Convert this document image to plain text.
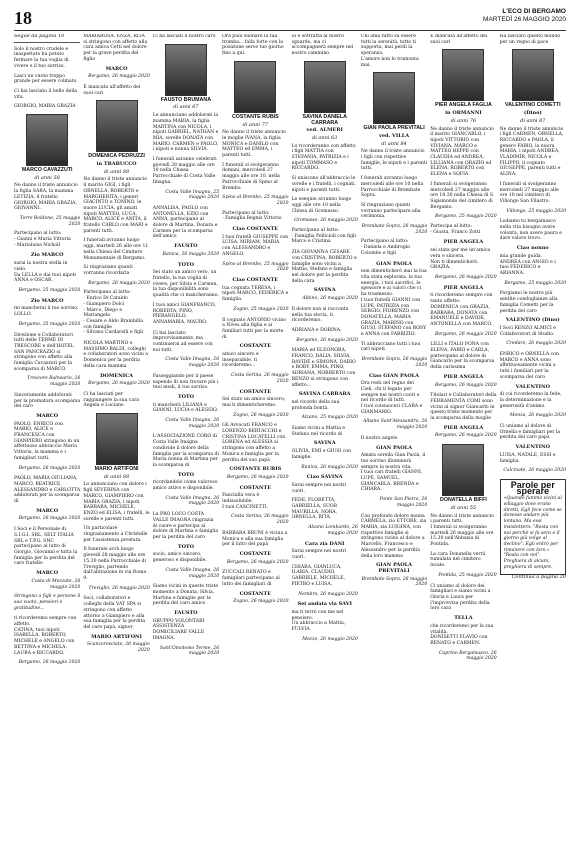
18	L'ECO DI BERGAMO
MARTEDÌ 26 MAGGIO 2020
Segue da pagina 10

Solo il nostro crudele e inaspettato ha potuto fermare la tua voglia di vivere e il tuo sorriso.

Lasci un vuoto troppo grande per essere colmato.

Ci hai lasciato il bello della vita.

GIORGIO, MARIA GRAZIA

MARCO CAVAZZUTI
di anni 58

Ne danno il triste annuncio la figlia SARA, la mamma LETIZIA, il fratello GIORGIO, MARIA GRAZIA, GIOVANNI.

Torre Boldone, 25 maggio 2020

Partecipano al lutto:
- Gianni e Maria Vittoria
- Marialuisa Nicholl

Zio MARCO

sarai la nostra stella in cielo.
Da LELLA e dai tuoi nipoti ANNA e OSCAR.

Bergamo, 25 maggio 2020

Zio MARCO

mi mancherai il tuo sorriso.
LOLLO.

Bergamo, 25 maggio 2020

Direzione e Collaboratori tutti delle TERME DI TRESCORE e dell'HOTEL SAN PANCRAZIO si stringono con affetto alla famiglia Cavazzuti per la scomparsa di MARCO.

Trescore Balneario, 26 maggio 2020

Sinceramente addolorati per la prematura scomparsa del caro

MARCO

PAOLO, ENRICO con MARIO, ALICE e FRANCESCA con GIANPIERO stringono in un affettuoso abbraccio Maria Vittoria, la mamma e i famigliari tutti.

Bergamo, 26 maggio 2020

PAOLO, MARIA GIULIANA, MARCO, BEATRICE, ALESSANDRO e CARLOTTA addolorati per la scomparsa di

MARCO

Bergamo, 26 maggio 2020

I Soci e il Personale di S.I.G.I. SRL, SELT ITALIA SRL e T.P.G. SNC partecipano al lutto di Giorgio, Giovanni e tutta la famiglia per la perdita del caro fratello

MARCO

Costa di Mezzate, 26 maggio 2020

Stringono a figli e persone il suo vuoto, pensieri e gratitudine...

ti ricorderemo sempre con affetto.
CATINA, tuoi nipoti ISABELLA, ROBERTO, MICHELE e ANGELO con BETTINA e MICHELA, LAURA e RICCARDO.

Bergamo, 26 maggio 2020

MARIAROSA, ENZA, RITA si stringono con affetto alla cara amica Cetti nel dolore per la grave perdita del figlio

MARCO

Bergamo, 26 maggio 2020

È mancata all'affetto dei suoi cari

DOMENICA PEDRUZZI
in TRABUCCO
di anni 88

Ne danno il triste annuncio il marito GIGI, i figli ORNELLA, ROBERTO e MARGHERITA, i generi GIACINTO e TONINO, le nuore LUCIA, gli amati nipoti MATTEO, LUCA, MARCO, ALICE e ANITA, il fratello CARLO con MARI e parenti tutti.

I funerali avranno luogo oggi, martedì 26 alle ore 11 nella Chiesa del Cimitero Monumentale di Bergamo.

Si ringraziano quanti vorranno ricordarla

Bergamo, 26 maggio 2020

Partecipano al lutto:
- Enrico Di Cataldo
- Giampiero Dolci
- Marco, Diego e Mariangela
- Cesare e Aldo Brambilla con famiglie
- Silvano Cardarelli e figli

NICOLA MARTINO e MASSIMO BALDI, colleghi e collaboratori sono vicini a Domenica per la perdita della cara mamma

DOMENICA

Bergamo, 26 maggio 2020

Ci ha lasciati per raggiungere la sua cara Angela e Luciano

MARIO ARTIFONI
di anni 88

Lo annunciano con dolore i figli SEVERINA con MARCO, GIAMPIERO con MARIA GRAZIA, i nipoti BARBARA, MICHELE, ENZO ed ELISA, i fratelli, le sorelle e parenti tutti.

Un particolare ringraziamento a Christelle per l'assistenza prestata.

Il funerale avrà luogo giovedì 28 maggio alle ore 15.30 nella Parrocchiale di Treviglio, partendo dall'abitazione in via Roma 9.

Treviglio, 26 maggio 2020

Soci, collaboratori e colleghi della VAT SPA si stringono con affetto attorno a Giampiero e alla sua famiglia per la perdita del caro papà, signor

MARIO ARTIFONI

Scanzorosciate, 26 maggio 2020

Ci ha lasciati il nostro caro

FAUSTO BRUMANA
di anni 67

Le annunciano addolorati la mamma MARIA, la figlia MARTINA con NICOLA, i nipoti GABRIEL, NATHAN e MIA, sorelle DONATA con MARIO, CARMEN e PAOLO, i nipoti e nonna SILVIA.

I funerali saranno celebrati giovedì 28 maggio alle ore 10 nella Chiesa Parrocchiale di Costa Valle Imagna.

Costa Valle Imagna, 25 maggio 2020

ANNALISA, PAOLO con ANTONELLA, EZIO con ANNA, partecipano al dolore di Martina, Donata e Carmen per la scomparsa dell'amico

FAUSTO

Ranica, 26 maggio 2020

TOTO

Sei stato un amico vero, un fratello, la tua voglia di vivere, per Silvia e Carmen, la tua disponibilità sono qualità che ci mancheranno.

I tuoi amici GIANFRANCO, ROBERTA, PINO, PIERANGELO, ANNAMARIA, MAURO.

Ci hai lasciato improvvisamente, ma continuerai ad essere con noi tutti.

Costa Valle Imagna, 26 maggio 2020

Passeggiando per il paese sapendo di non trovare più i tuoi modi, il tuo sorriso.

TOTO

ti mancherà LILIANA e GIANNI, LUCIA e ALESSIO.

Costa Valle Imagna, 26 maggio 2020

L'ASSOCIAZIONE CORO di Costa Valle Imagna condivide il dolore della famiglia per la scomparsa di Maria nonna di Martina per la scomparsa di

TOTO

ricordandolo come valoroso amico attivo e disponibile.

Costa Valle Imagna, 26 maggio 2020

La PRO LOCO COSTA VALLE IMAGNA ringrazia di cuore e partecipa al dolore di Martina e famiglia per la perdita del caro

TOTO

socio, amico sincero, generoso e disponibile.

Costa Valle Imagna, 26 maggio 2020

Siamo vicini in questo triste momento a Donata, Silvia, Martina e famiglie per la perdita del caro amico

FAUSTO

GRUPPO VOLONTARI ASSISTENZA DOMICILIARE VALLE IMAGNA.

Sant'Omobono Terme, 26 maggio 2020

Ora puoi suonare la tua tromba... falla forte con la posizione serve tuo giorno fino a qui.

COSTANTE RUBIS
di anni 77

Ne danno il triste annuncio le moglie IVANA, la figlia MONICA e DANILO con MATTEO ed EMMA, i parenti tutti.

I funerali si svolgeranno domani, mercoledì 27 maggio alle ore 10, nella Parrocchiale di Spino al Brembo.

Spino al Brembo, 25 maggio 2020

Partecipano al lutto:
- Famiglia Begnis Vittorio

Ciao COSTANTE

I tuoi fratelli GIUSEPPE con LUISA, MIRIAM, MARIA con ALESSANDRO e ANGELO.

Spino al Brembo, 25 maggio 2020

Ciao COSTANTE

tua cognata TERESA, i nipoti MARCO, FEDERICA e famiglia.

Zogno, 25 maggio 2020

Il cognato ANTONIO vicino a Nives alla figlia e ai familiari tutti per la morte di

COSTANTE

amico sincero e inseparabile, ti ricorderemo...

Costa Serina, 26 maggio 2020

COSTANTE

Sei stato un amico sincero; mai ti dimenticheremo.

Zogno, 26 maggio 2020

Gli Avvocati FRANCO e LORENZO BERTACCHI e CRISTINA LOCATELLI con LORENA ed ALESSIA si stringono con affetto a Monica e famiglia per la perdita del suo papà

COSTANTE RUBIS

Bergamo, 26 maggio 2020

COSTANTE

Fanciulla vera è indissolubile.
I tuoi CASCINETTI.

Costa Serina, 26 maggio 2020

BARBARA BRUNI è vicina a Monica e alla sua famiglia per il lutto del papà

COSTANTE

Bergamo, 26 maggio 2020

ZUCCALI RENATO e famigliari partecipano al lutto dei famigliari di

COSTANTE

Zogno, 26 maggio 2020

Si è sottratta al nostro sguardo, ma ci accompagnerà sempre nel nostro cammino.

SAVINA DANIELA CARRARA
ved. ALMERI
di anni 63

Lo ricorderanno con affetto i figli MATTIA con STEFANIA, PATRIZIA e i nipoti TOMMASO e RICCARDO.

Si uniscono all'abbraccio le sorelle e i fratelli, i cognati, nipoti e parenti tutti.

Le esequie avranno luogo oggi alle ore 10 nella Chiesa di Gromasso.

Gromasso, 26 maggio 2020

Partecipano al lutto:
- Famiglia Pellicioli con figli Marco e Cristina

ZIA GIOVANNA CESARE con CRISTINA, ROBERTO e famiglie sono vicini a Mattia, Stefano e famiglia nel dolore per la perdita della cara

SAVINA

Albino, 26 maggio 2020

Il dolore non si racconta nella tua storia, ti ricorderemo.

ADRIANA e DORINA.

Bergamo, 26 maggio 2020

MARIA ed ELEONORA, FRANCO, DALIA, SILVIA, DAVIDE e SIMONA, DARIO e ROBY, EMMA, PINO, ADRIANA, NORBERTO con RENZO si stringono con affetto...

SAVINA CARRARA

nel ricordo della sua profonda bontà.

Alzano, 25 maggio 2020

Siamo vicini a Mattia e Stefano nel ricordo di

SAVINA

OLIVIA, EMI e GIUSI con famiglie.

Ranica, 26 maggio 2020

Ciao SAVINA

Sarai sempre nei nostri cuori.

FEDE, FLORETTA, GABRIELLA, SUOR MAURILLA, NORA, ORNELLA, RITA.

Alzano Lombardo, 26 maggio 2020

Cara zia DANI

Sarai sempre nei nostri cuori.

CHIARA, GIANLUCA, ILARIA, CLAUDIO, GABRIELE, MICHELE, PIETRO e LUISA.

Nembro, 26 maggio 2020

Sei andata via SAVI

ma ti terrò con me nel pensiero.
Un abbraccio a Mattia, FULVIA.

Mozzo, 26 maggio 2020

Chi ama tutto sa essere tutti la serenità, tutto ti supporta, mai perdi la speranza.
L'amore non lo tramonta mai.

GIAN PAOLA PREVITALI
ved. VILLA
di anni 84

Ne danno il triste annuncio i figli con rispettive famiglie, le nipoti e i parenti tutti.

I funerali avranno luogo mercoledì alle ore 10 nella Parrocchiale di Brembate Sopra.

Si ringraziano quanti vorranno partecipare alla cerimonia.

Brembate Sopra, 26 maggio 2020

Partecipano al lutto:
- Daniela e Ambrogio Colombo e figli

GIAN PAOLA

non dimenticherò mai la tua vita stata esplorata, la tua energia, i tuoi sacrifici, lo spessore e ai valori che ci ha trasmesso.
I tuoi fratelli GIANNI con LUPE, PATRIZIA con SERGIO, FIORENZO con DONATELLA, MARIA GRAZIA, MARINO con GIUSI, STEFANO con ROSY e ANNA con FABRIZIO.

Ti abbracciano tutti i tuoi cari nipoti.

Brembate Sopra, 26 maggio 2020

Ciao GIAN PAOLA

Ora resti nel regno dei Cieli, chi ti legato per sempre nei nostri cuori e nel ricordo di tutti.
I tuoi consuoceri CLARA e GIANMARIO.

Albano Sant'Alessandro, 26 maggio 2020

Il nostro angelo

GIAN PAOLA

Amata sorella Gian Paola, il tuo sorriso illuminerà sempre la nostra vita.
I tuoi cari fratelli GIANNI, LUPE, SAMUEL, GIANCARLA, BRENDA e CHIARA.

Ponte San Pietro, 26 maggio 2020

Con profondo dolore nonna CARMELA, zio ETTORE, zia MARIA, zia LUIGINA, con rispettive famiglie si stringono vicino al dolore a Marcello, Francesco e Alessandro per la perdita della loro mamma

GIAN PAOLA PREVITALI

Brembate Sopra, 26 maggio 2020

È mancata all'affetto dei suoi cari

PIER ANGELA FAGLIA
in ORMANNI
di anni 76

Ne danno il triste annuncio il marito GIANCARLO, i nipoti VITTORIO con VIVIANA, MARCO e MATTEO BEPPE con CLAUDIA ed ANDREA, LILLIANA con ORAZIO ed ELENA, ROBERTO con ELENA e SOFIA.

I funerali si svolgeranno mercoledì 27 maggio alle ore 10.30 nella Chiesa di S. Sigismondo del cimitero di Bergamo.

Bergamo, 25 maggio 2020

Partecipa al lutto:
- Giusta, Franco Zotti

PIER ANGELA

sei stata per me un'amica vera e sincera.
Non ti dimenticherò.
GRAZIA.

Bergamo, 26 maggio 2020

PIER ANGELA

ti ricorderemo sempre con tanto affetto.
DOMENICA con GRAZIA, BARBARA, DONATA con EMANUELE e DAVIDE, ANTONELLA con MARCO.

Bergamo, 26 maggio 2020

LILLI e ITALO PONA con ELENA, FABIO e CARLA, partecipano al dolore di Giancarlo per la scomparsa della carissima

PIER ANGELA

Bergamo, 26 maggio 2020

Titolari e Collaboratori della FERRAMENTA COMI sono vicini al signor Giancarlo in questo triste momento per la scomparsa della moglie

PIER ANGELA

Bergamo, 26 maggio 2020

DONATELLA BIFFI
di anni 55

Ne danno il triste annuncio i parenti tutti.
I funerali si svolgeranno martedì 26 maggio alle ore 15.30 nell'Abbazia di Pontida.

La cara Donatella verrà tumulata nel cimitero locale.

Pontida, 25 maggio 2020

Ci uniamo al dolore dei famigliari e siamo vicini a Gloria e Laura per l'improvvisa perdita della loro cara

TELLA

che ricorderemo per la sua vitalità.
DONISETTI FLAVIO con RENATO e CARMEN.

Caprino Bergamasco, 26 maggio 2020

Ha lasciato questo mondo per un regno di pace

VALENTINO COMETTI
(Dino)
di anni 87

Ne danno il triste annuncio i figli CARMEN, ORNELLA, RICCARDO e PAOLA, il genero FABIO, la nuora MARIA, i nipoti ANDREA, VLADIMIR, NICOLA e FILIPPO, il cognato GIUSEPPE, parenti tutti e ALINA.

I funerali si svolgeranno mercoledì 27 maggio alle ore 10 nel cimitero di Villongo San Filastro.

Villongo, 25 maggio 2020

Lodiamo tu bergamasco nella vita bisogno avere volontà, non avere paura e dare valore trovo.

Ciao nonno

mia grande guida.
ANDREA con ANGIO e i tuoi FEDERICO e ARIANNA.

Bergamo, 25 maggio 2020

Porgiamo le nostre più sentite condoglianze alla famiglia Cometti per la perdita del caro

VALENTINO (Dino)

I Soci RENZO ALMICI e Collaboratori di Studio.

Credaro, 26 maggio 2020

ENRICO e ORNELLA con MARCO e ANNA sono affettuosamente vicini a tutti i familiari per la scomparsa del caro

VALENTINO

di cui ricorderemo la fede, la determinazione e la generosità d'animo.

Monza, 26 maggio 2020

Ci uniamo al dolore di Ornella e famigliari per la perdita del caro papà

VALENTINO

LUISA, NATALE, ESSI e famiglia.

Calcinate, 26 maggio 2020

Parole per sperare

«Quando fummo vicini al villaggio dove erano diretti, Egli fece come se dovesse andare più lontano. Ma essi insistettero: "Resta con noi perché si fa sera e il giorno già volge al declino". Egli entrò per rimanere con loro.» "Resta con noi". Preghiera di alcuni, preghiera di sempre.

Continua a pagina 20
